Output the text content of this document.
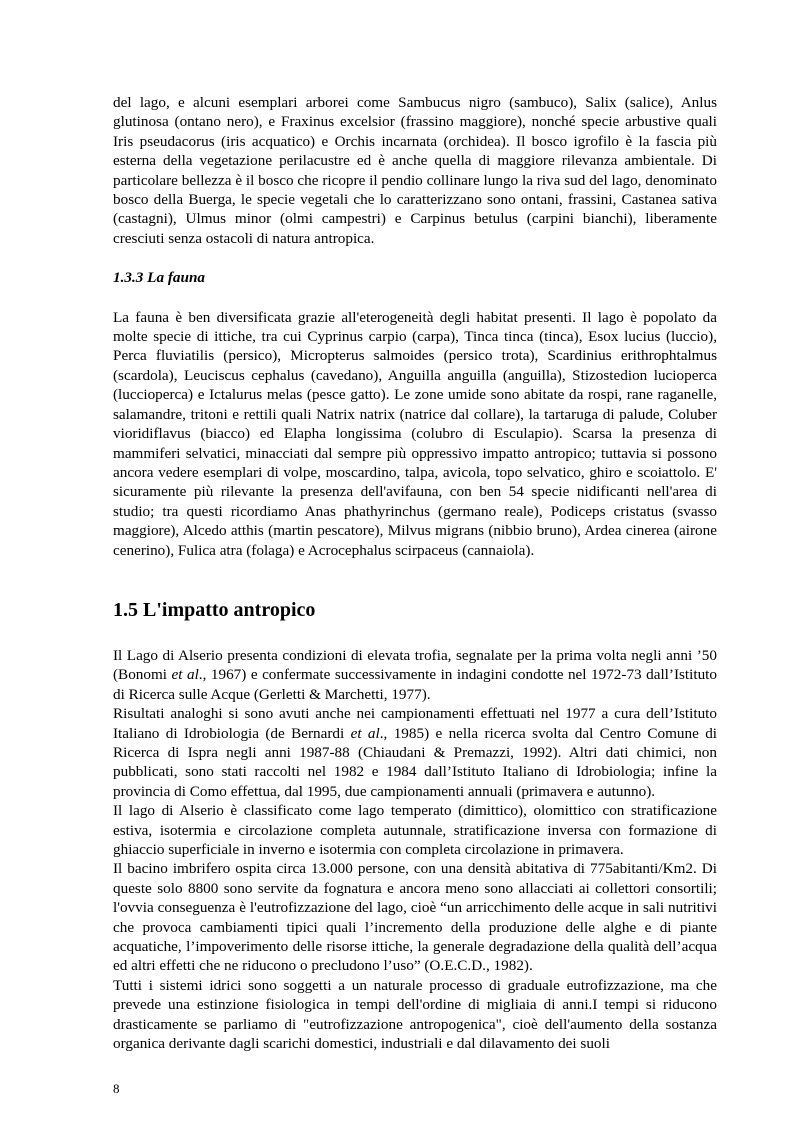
del lago, e alcuni esemplari arborei come Sambucus nigro (sambuco), Salix (salice), Anlus glutinosa (ontano nero), e Fraxinus excelsior (frassino maggiore), nonché specie arbustive quali Iris pseudacorus (iris acquatico) e Orchis incarnata (orchidea). Il bosco igrofilo è la fascia più esterna della vegetazione perilacustre ed è anche quella di maggiore rilevanza ambientale. Di particolare bellezza è il bosco che ricopre il pendio collinare lungo la riva sud del lago, denominato bosco della Buerga, le specie vegetali che lo caratterizzano sono ontani, frassini, Castanea sativa (castagni), Ulmus minor (olmi campestri) e Carpinus betulus (carpini bianchi), liberamente cresciuti senza ostacoli di natura antropica.

1.3.3 La fauna

La fauna è ben diversificata grazie all'eterogeneità degli habitat presenti. Il lago è popolato da molte specie di ittiche, tra cui Cyprinus carpio (carpa), Tinca tinca (tinca), Esox lucius (luccio), Perca fluviatilis (persico), Micropterus salmoides (persico trota), Scardinius erithrophtalmus (scardola), Leuciscus cephalus (cavedano), Anguilla anguilla (anguilla), Stizostedion lucioperca (luccioperca) e Ictalurus melas (pesce gatto). Le zone umide sono abitate da rospi, rane raganelle, salamandre, tritoni e rettili quali Natrix natrix (natrice dal collare), la tartaruga di palude, Coluber vioridiflavus (biacco) ed Elapha longissima (colubro di Esculapio). Scarsa la presenza di mammiferi selvatici, minacciati dal sempre più oppressivo impatto antropico; tuttavia si possono ancora vedere esemplari di volpe, moscardino, talpa, avicola, topo selvatico, ghiro e scoiattolo. E' sicuramente più rilevante la presenza dell'avifauna, con ben 54 specie nidificanti nell'area di studio; tra questi ricordiamo Anas phathyrinchus (germano reale), Podiceps cristatus (svasso maggiore), Alcedo atthis (martin pescatore), Milvus migrans (nibbio bruno), Ardea cinerea (airone cenerino), Fulica atra (folaga) e Acrocephalus scirpaceus (cannaiola).

1.5 L'impatto antropico

Il Lago di Alserio presenta condizioni di elevata trofia, segnalate per la prima volta negli anni ’50 (Bonomi et al., 1967) e confermate successivamente in indagini condotte nel 1972-73 dall’Istituto di Ricerca sulle Acque (Gerletti & Marchetti, 1977).

Risultati analoghi si sono avuti anche nei campionamenti effettuati nel 1977 a cura dell’Istituto Italiano di Idrobiologia (de Bernardi et al., 1985) e nella ricerca svolta dal Centro Comune di Ricerca di Ispra negli anni 1987-88 (Chiaudani & Premazzi, 1992). Altri dati chimici, non pubblicati, sono stati raccolti nel 1982 e 1984 dall’Istituto Italiano di Idrobiologia; infine la provincia di Como effettua, dal 1995, due campionamenti annuali (primavera e autunno).

Il lago di Alserio è classificato come lago temperato (dimittico), olomittico con stratificazione estiva, isotermia e circolazione completa autunnale, stratificazione inversa con formazione di ghiaccio superficiale in inverno e isotermia con completa circolazione in primavera.

Il bacino imbrifero ospita circa 13.000 persone, con una densità abitativa di 775abitanti/Km2. Di queste solo 8800 sono servite da fognatura e ancora meno sono allacciati ai collettori consortili; l'ovvia conseguenza è l'eutrofizzazione del lago, cioè “un arricchimento delle acque in sali nutritivi che provoca cambiamenti tipici quali l’incremento della produzione delle alghe e di piante acquatiche, l’impoverimento delle risorse ittiche, la generale degradazione della qualità dell’acqua ed altri effetti che ne riducono o precludono l’uso” (O.E.C.D., 1982).

Tutti i sistemi idrici sono soggetti a un naturale processo di graduale eutrofizzazione, ma che prevede una estinzione fisiologica in tempi dell'ordine di migliaia di anni.I tempi si riducono drasticamente se parliamo di "eutrofizzazione antropogenica", cioè dell'aumento della sostanza organica derivante dagli scarichi domestici, industriali e dal dilavamento dei suoli

8
